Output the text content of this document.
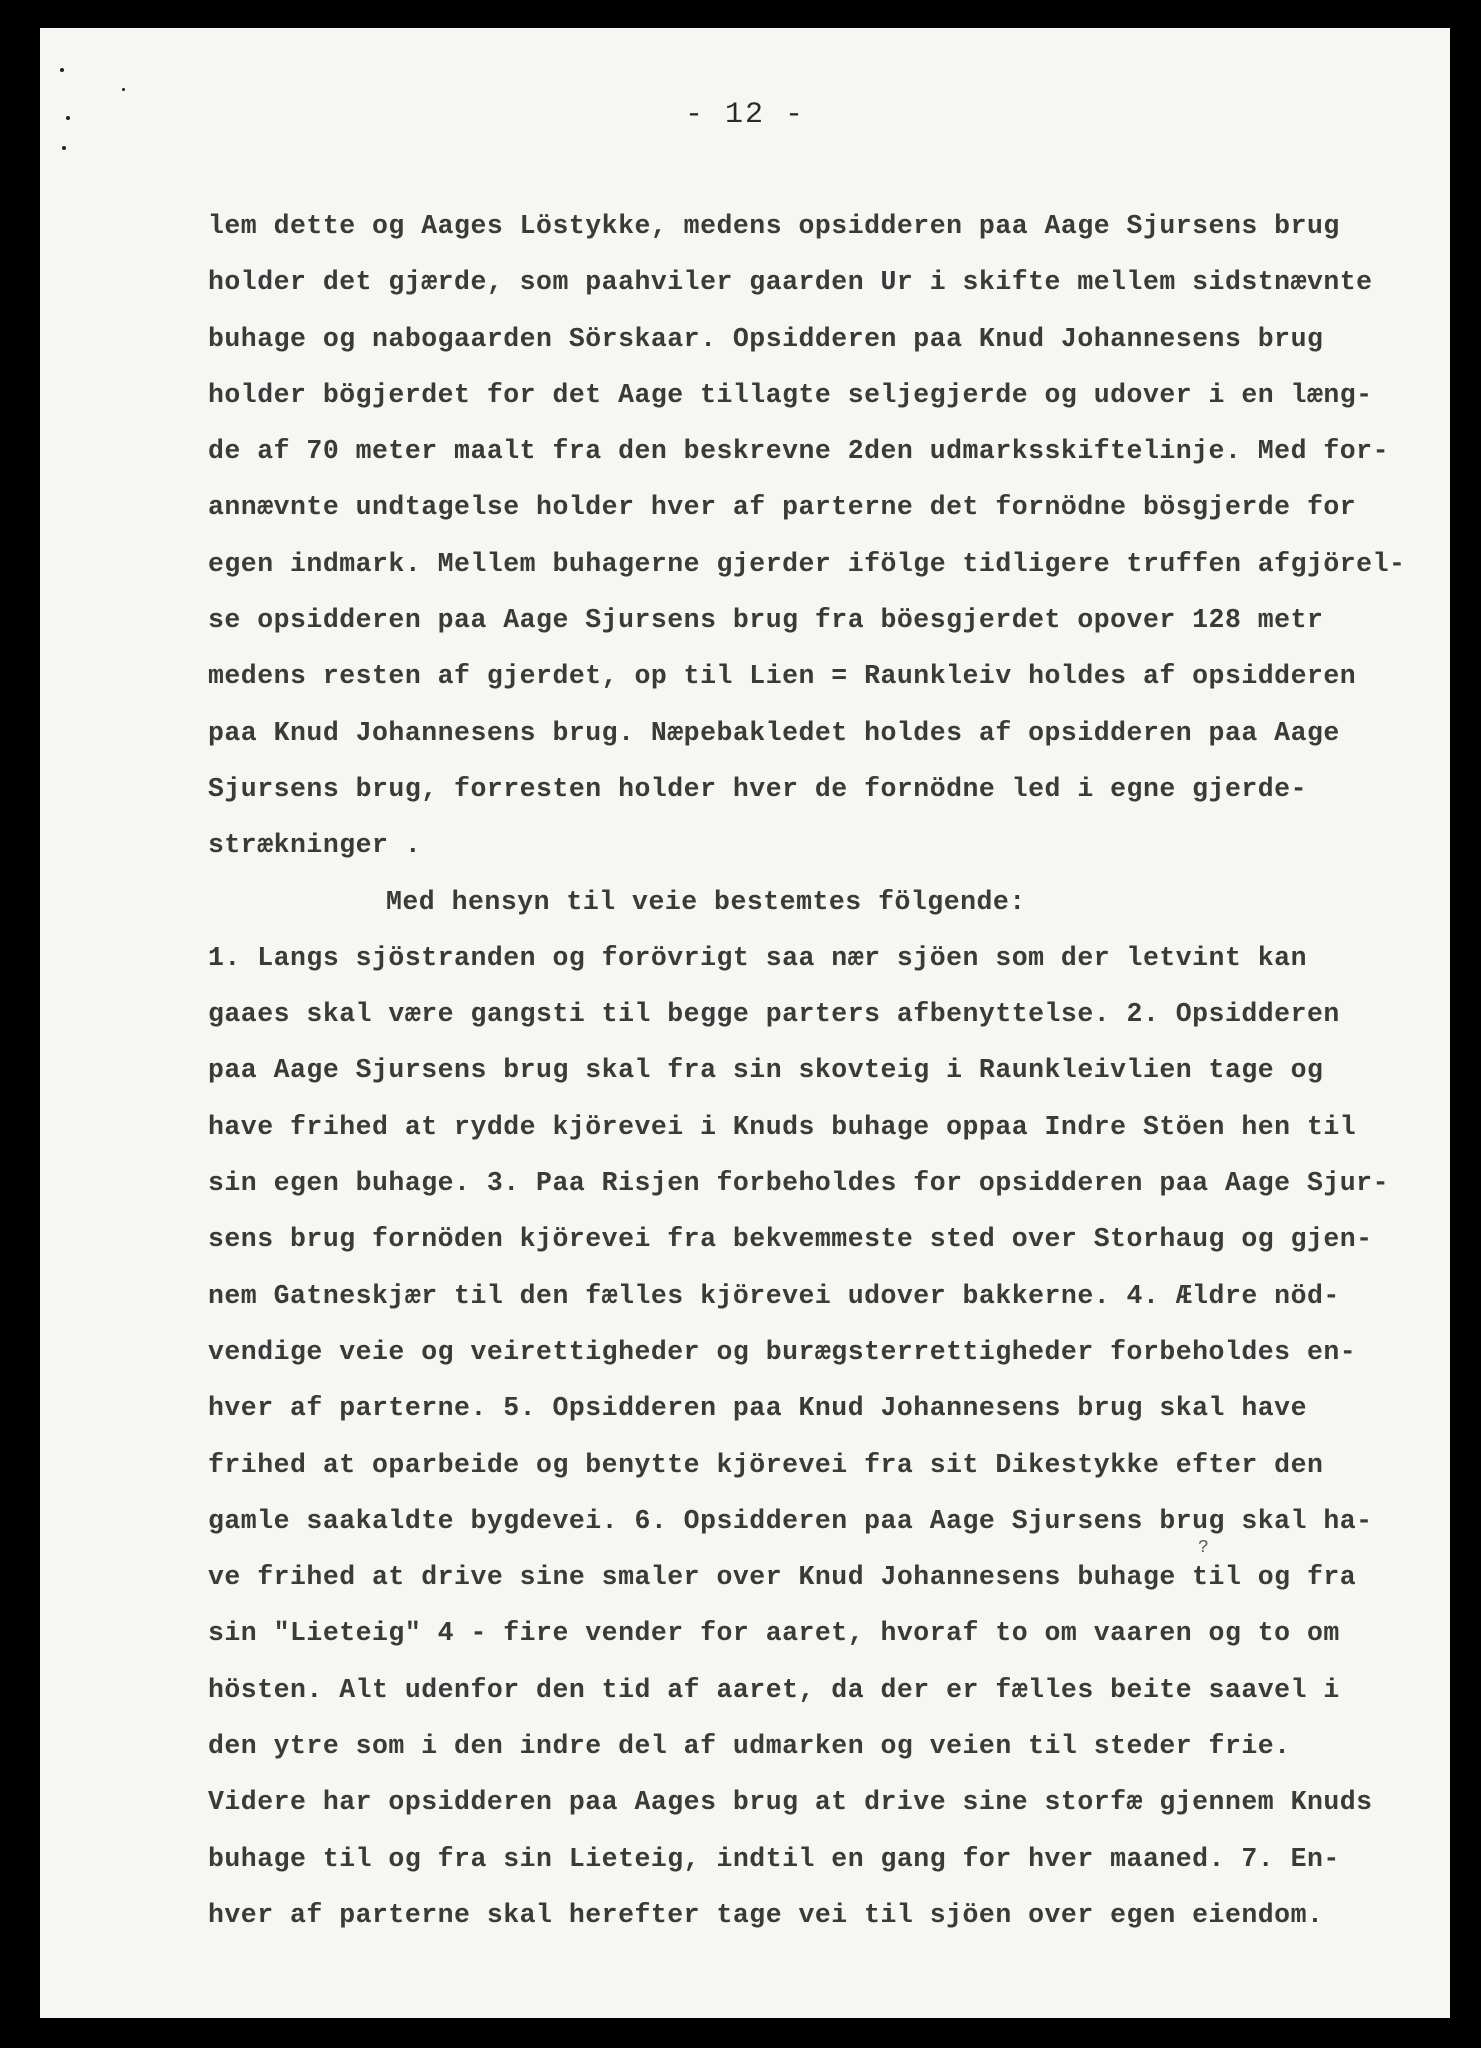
- 12 -
lem dette og Aages Löstykke, medens opsidderen paa Aage Sjursens brug
holder det gjærde, som paahviler gaarden Ur i skifte mellem sidstnævnte
buhage og nabogaarden Sörskaar. Opsidderen paa Knud Johannesens brug
holder bögjerdet for det Aage tillagte seljegjerde og udover i en læng-
de af 70 meter maalt fra den beskrevne 2den udmarksskiftelinje. Med for-
annævnte undtagelse holder hver af parterne det fornödne bösgjerde for
egen indmark. Mellem buhagerne gjerder ifölge tidligere truffen afgjörel-
se opsidderen paa Aage Sjursens brug fra böesgjerdet opover 128 metr
medens resten af gjerdet, op til Lien = Raunkleiv holdes af opsidderen
paa Knud Johannesens brug. Næpebakledet holdes af opsidderen paa Aage
Sjursens brug, forresten holder hver de fornödne led i egne gjerde-
strækninger .
Med hensyn til veie bestemtes fölgende:
1. Langs sjöstranden og forövrigt saa nær sjöen som der letvint kan
gaaes skal være gangsti til begge parters afbenyttelse. 2. Opsidderen
paa Aage Sjursens brug skal fra sin skovteig i Raunkleivlien tage og
have frihed at rydde kjörevei i Knuds buhage oppaa Indre Stöen hen til
sin egen buhage. 3. Paa Risjen forbeholdes for opsidderen paa Aage Sjur-
sens brug fornöden kjörevei fra bekvemmeste sted over Storhaug og gjen-
nem Gatneskjær til den fælles kjörevei udover bakkerne. 4. Ældre nöd-
vendige veie og veirettigheder og burægsterrettigheder forbeholdes en-
hver af parterne. 5. Opsidderen paa Knud Johannesens brug skal have
frihed at oparbeide og benytte kjörevei fra sit Dikestykke efter den
gamle saakaldte bygdevei. 6. Opsidderen paa Aage Sjursens brug skal ha-
ve frihed at drive sine smaler over Knud Johannesens buhage til og fra
sin "Lieteig" 4 - fire vender for aaret, hvoraf to om vaaren og to om
hösten. Alt udenfor den tid af aaret, da der er fælles beite saavel i
den ytre som i den indre del af udmarken og veien til steder frie.
Videre har opsidderen paa Aages brug at drive sine storfæ gjennem Knuds
buhage til og fra sin Lieteig, indtil en gang for hver maaned. 7. En-
hver af parterne skal herefter tage vei til sjöen over egen eiendom.
?
